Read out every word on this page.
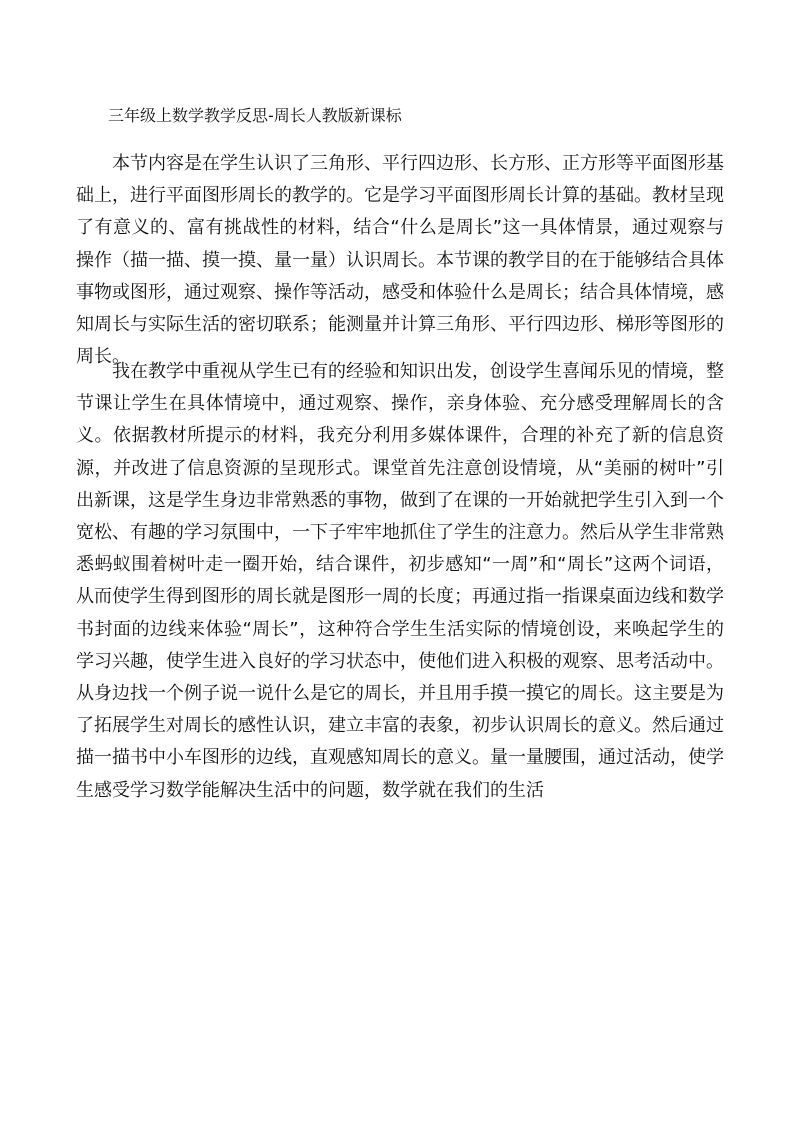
三年级上数学教学反思-周长人教版新课标

本节内容是在学生认识了三角形、平行四边形、长方形、正方形等平面图形基础上，进行平面图形周长的教学的。它是学习平面图形周长计算的基础。教材呈现了有意义的、富有挑战性的材料，结合“什么是周长”这一具体情景，通过观察与操作（描一描、摸一摸、量一量）认识周长。本节课的教学目的在于能够结合具体事物或图形，通过观察、操作等活动，感受和体验什么是周长；结合具体情境，感知周长与实际生活的密切联系；能测量并计算三角形、平行四边形、梯形等图形的周长。

我在教学中重视从学生已有的经验和知识出发，创设学生喜闻乐见的情境，整节课让学生在具体情境中，通过观察、操作，亲身体验、充分感受理解周长的含义。依据教材所提示的材料，我充分利用多媒体课件，合理的补充了新的信息资源，并改进了信息资源的呈现形式。课堂首先注意创设情境，从“美丽的树叶”引出新课，这是学生身边非常熟悉的事物，做到了在课的一开始就把学生引入到一个宽松、有趣的学习氛围中，一下子牢牢地抓住了学生的注意力。然后从学生非常熟悉蚂蚁围着树叶走一圈开始，结合课件，初步感知“一周”和“周长”这两个词语，从而使学生得到图形的周长就是图形一周的长度；再通过指一指课桌面边线和数学书封面的边线来体验“周长”，这种符合学生生活实际的情境创设，来唤起学生的学习兴趣，使学生进入良好的学习状态中，使他们进入积极的观察、思考活动中。从身边找一个例子说一说什么是它的周长，并且用手摸一摸它的周长。这主要是为了拓展学生对周长的感性认识，建立丰富的表象，初步认识周长的意义。然后通过描一描书中小车图形的边线，直观感知周长的意义。量一量腰围，通过活动，使学生感受学习数学能解决生活中的问题，数学就在我们的生活
